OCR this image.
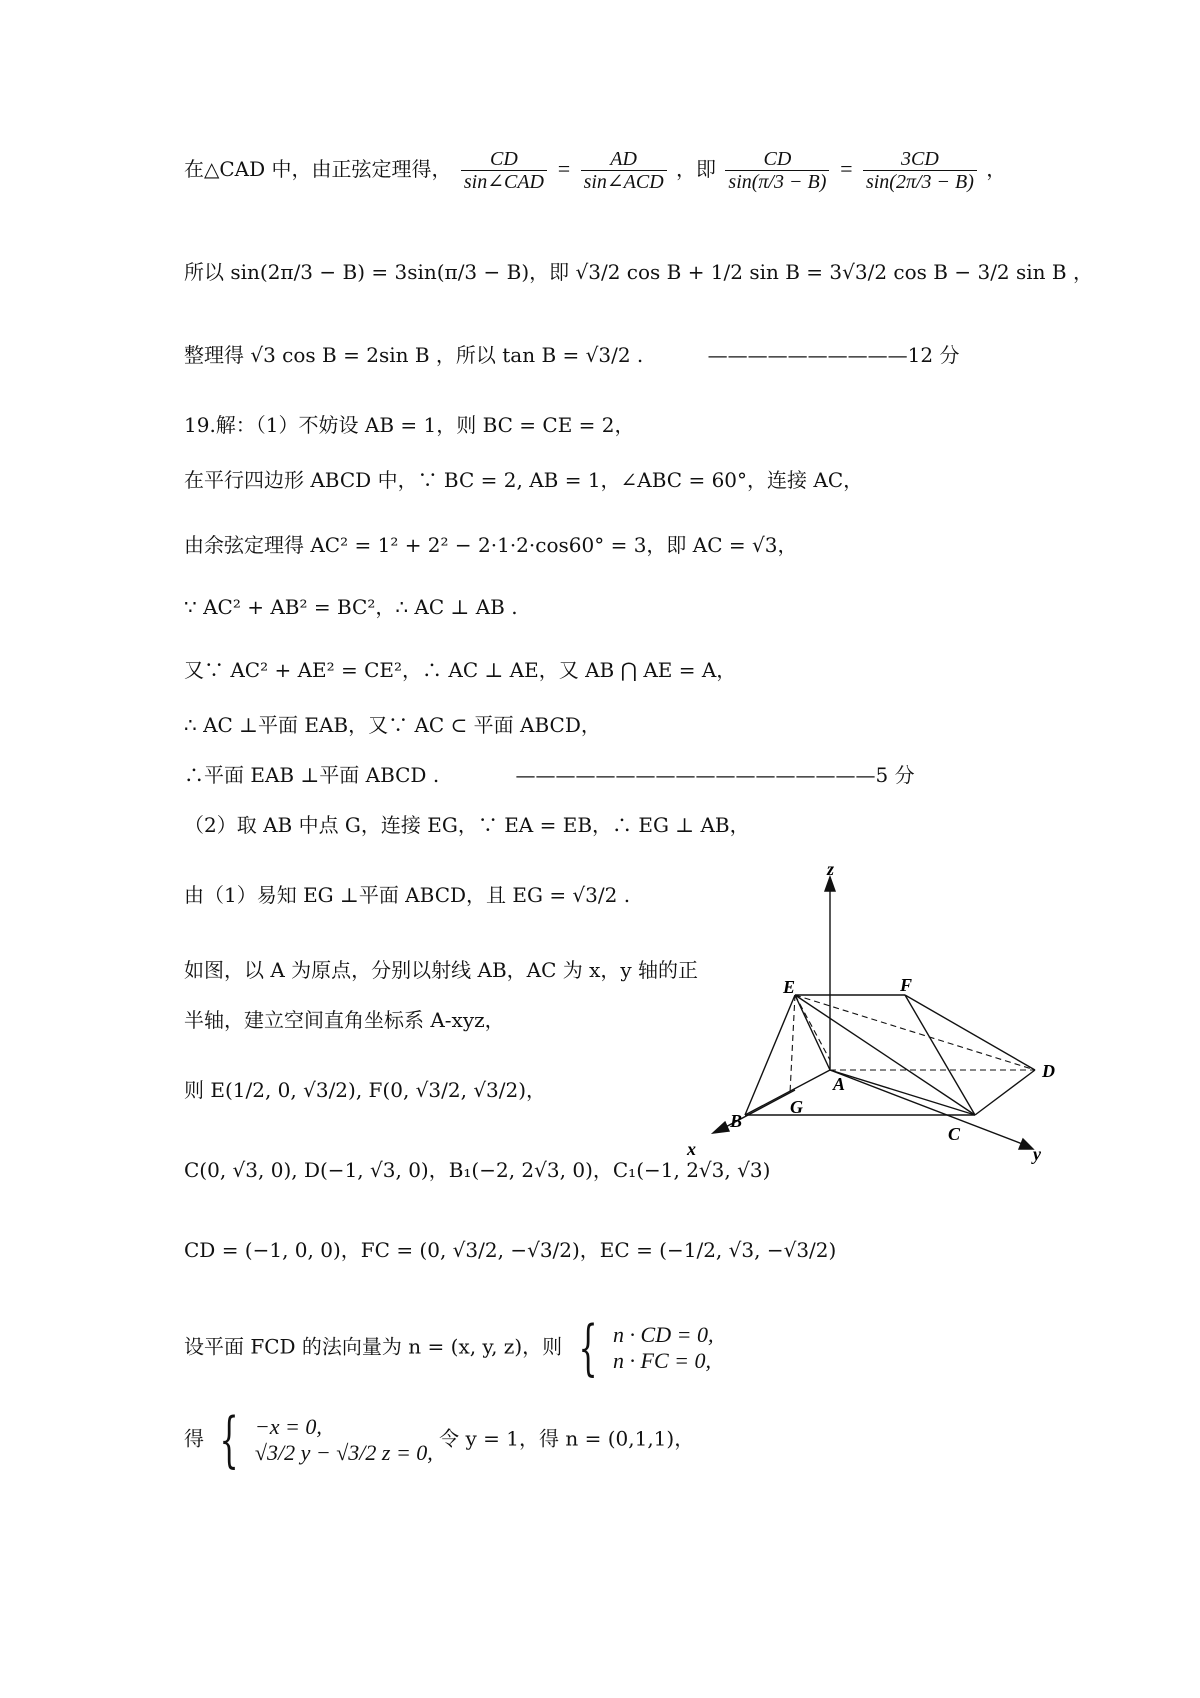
在△CAD 中，由正弦定理得， $\frac{CD}{\text{sin∠CAD}} = \frac{AD}{\text{sin∠ACD}}$ ，即 $\frac{CD}{\sin(\pi/3 - B)} = \frac{3CD}{\sin(2\pi/3 - B)}$ ，
所以 sin(2π/3 − B) = 3sin(π/3 − B)，即 √3/2 cos B + 1/2 sin B = 3√3/2 cos B − 3/2 sin B ，
整理得 √3 cos B = 2sin B ，所以 tan B = √3/2 .	——————————12 分
19.解：（1）不妨设 AB = 1，则 BC = CE = 2，
在平行四边形 ABCD 中，∵ BC = 2, AB = 1，∠ABC = 60°，连接 AC，
由余弦定理得 AC² = 1² + 2² − 2·1·2·cos60° = 3，即 AC = √3，
∵ AC² + AB² = BC²，∴ AC ⊥ AB .
又∵ AC² + AE² = CE²，∴ AC ⊥ AE，又 AB ⋂ AE = A，
∴ AC ⊥平面 EAB，又∵ AC ⊂ 平面 ABCD，
∴平面 EAB ⊥平面 ABCD .	——————————————————5 分
（2）取 AB 中点 G，连接 EG，∵ EA = EB，∴ EG ⊥ AB，
由（1）易知 EG ⊥平面 ABCD，且 EG = √3/2 .
如图，以 A 为原点，分别以射线 AB，AC 为 x，y 轴的正
半轴，建立空间直角坐标系 A-xyz，
则 E(1/2, 0, √3/2), F(0, √3/2, √3/2)，
C(0, √3, 0), D(−1, √3, 0)，B₁(−2, 2√3, 0)，C₁(−1, 2√3, √3)
CD = (−1, 0, 0)，FC = (0, √3/2, −√3/2)，EC = (−1/2, √3, −√3/2)
设平面 FCD 的法向量为 n = (x, y, z)，则 { n · CD = 0,
n · FC = 0,
得 { −x = 0,
√3/2 y − √3/2 z = 0,
令 y = 1，得 n = (0,1,1)，
z
E	F
A
D
G
B
C
x	y
